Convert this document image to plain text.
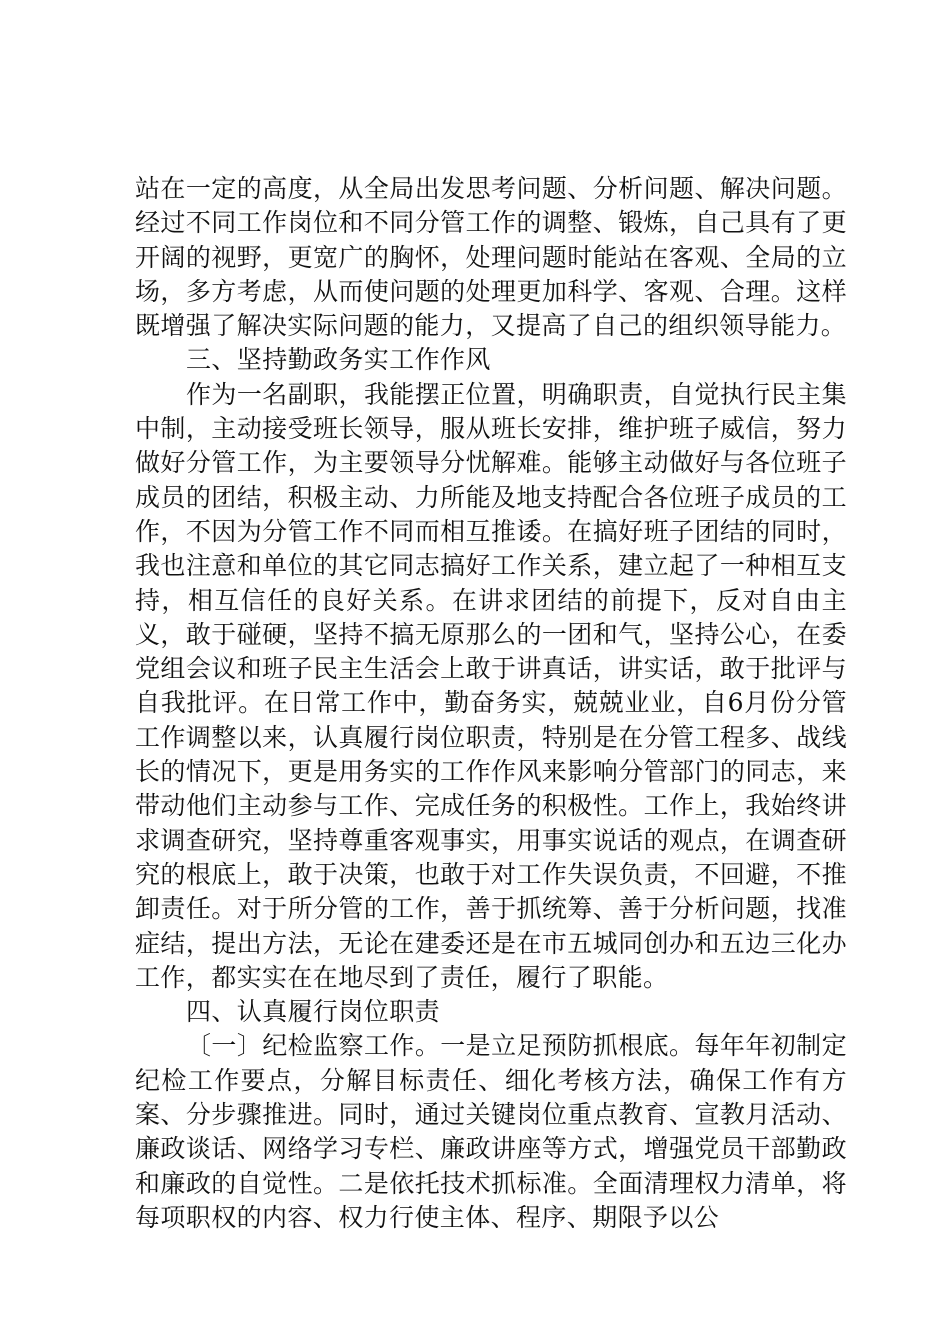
站在一定的高度，从全局出发思考问题、分析问题、解决问题。经过不同工作岗位和不同分管工作的调整、锻炼，自己具有了更开阔的视野，更宽广的胸怀，处理问题时能站在客观、全局的立场，多方考虑，从而使问题的处理更加科学、客观、合理。这样既增强了解决实际问题的能力，又提高了自己的组织领导能力。

三、坚持勤政务实工作作风

作为一名副职，我能摆正位置，明确职责，自觉执行民主集中制，主动接受班长领导，服从班长安排，维护班子威信，努力做好分管工作，为主要领导分忧解难。能够主动做好与各位班子成员的团结，积极主动、力所能及地支持配合各位班子成员的工作，不因为分管工作不同而相互推诿。在搞好班子团结的同时，我也注意和单位的其它同志搞好工作关系，建立起了一种相互支持，相互信任的良好关系。在讲求团结的前提下，反对自由主义，敢于碰硬，坚持不搞无原那么的一团和气，坚持公心，在委党组会议和班子民主生活会上敢于讲真话，讲实话，敢于批评与自我批评。在日常工作中，勤奋务实，兢兢业业，自6月份分管工作调整以来，认真履行岗位职责，特别是在分管工程多、战线长的情况下，更是用务实的工作作风来影响分管部门的同志，来带动他们主动参与工作、完成任务的积极性。工作上，我始终讲求调查研究，坚持尊重客观事实，用事实说话的观点，在调查研究的根底上，敢于决策，也敢于对工作失误负责，不回避，不推卸责任。对于所分管的工作，善于抓统筹、善于分析问题，找准症结，提出方法，无论在建委还是在市五城同创办和五边三化办工作，都实实在在地尽到了责任，履行了职能。

四、认真履行岗位职责

〔一〕纪检监察工作。一是立足预防抓根底。每年年初制定纪检工作要点，分解目标责任、细化考核方法，确保工作有方案、分步骤推进。同时，通过关键岗位重点教育、宣教月活动、廉政谈话、网络学习专栏、廉政讲座等方式，增强党员干部勤政和廉政的自觉性。二是依托技术抓标准。全面清理权力清单，将每项职权的内容、权力行使主体、程序、期限予以公
